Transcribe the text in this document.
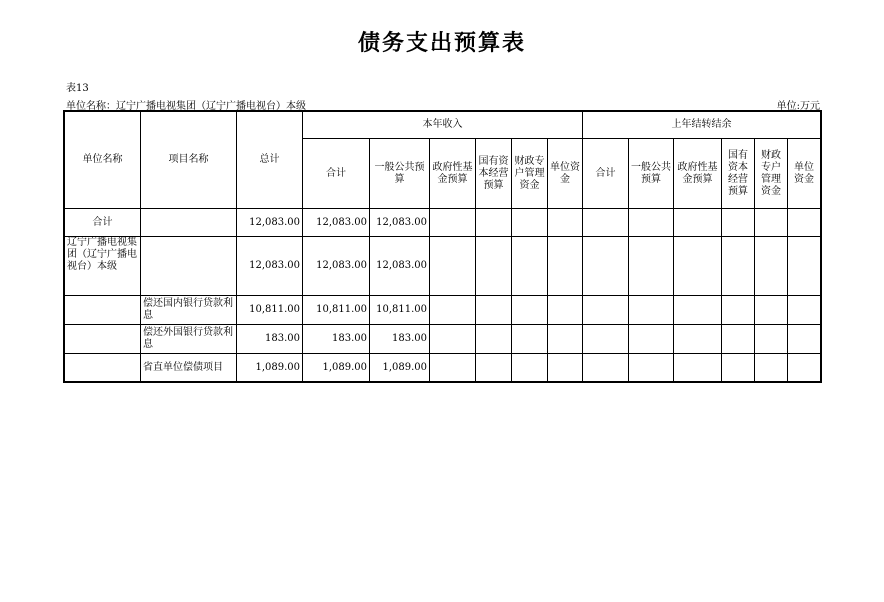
债务支出预算表
表13
单位名称：辽宁广播电视集团（辽宁广播电视台）本级	单位:万元
单位名称	项目名称	总计	本年收入						上年结转结余					
			合计	一般公共预算	政府性基金预算	国有资本经营预算	财政专户管理资金	单位资金	合计	一般公共预算	政府性基金预算	国有资本经营预算	财政专户管理资金	单位资金
合计		12,083.00	12,083.00	12,083.00										
辽宁广播电视集团（辽宁广播电视台）本级		12,083.00	12,083.00	12,083.00										
	偿还国内银行贷款利息	10,811.00	10,811.00	10,811.00										
	偿还外国银行贷款利息	183.00	183.00	183.00										
	省直单位偿债项目	1,089.00	1,089.00	1,089.00										
